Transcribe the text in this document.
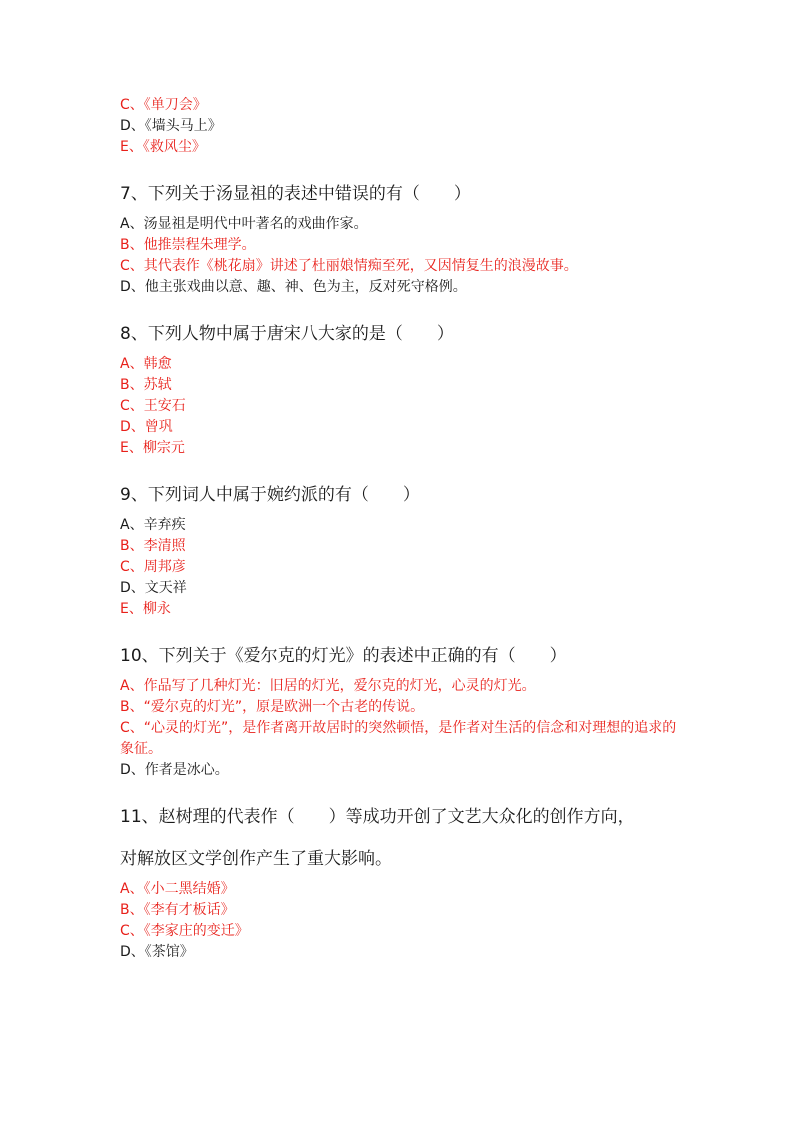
C、《单刀会》
D、《墙头马上》
E、《救风尘》
7、下列关于汤显祖的表述中错误的有（　　）
A、汤显祖是明代中叶著名的戏曲作家。
B、他推崇程朱理学。
C、其代表作《桃花扇》讲述了杜丽娘情痴至死，又因情复生的浪漫故事。
D、他主张戏曲以意、趣、神、色为主，反对死守格例。
8、下列人物中属于唐宋八大家的是（　　）
A、韩愈
B、苏轼
C、王安石
D、曾巩
E、柳宗元
9、下列词人中属于婉约派的有（　　）
A、辛弃疾
B、李清照
C、周邦彦
D、文天祥
E、柳永
10、下列关于《爱尔克的灯光》的表述中正确的有（　　）
A、作品写了几种灯光：旧居的灯光，爱尔克的灯光，心灵的灯光。
B、“爱尔克的灯光”，原是欧洲一个古老的传说。
C、“心灵的灯光”，是作者离开故居时的突然顿悟，是作者对生活的信念和对理想的追求的象征。
D、作者是冰心。
11、赵树理的代表作（　　）等成功开创了文艺大众化的创作方向，
对解放区文学创作产生了重大影响。
A、《小二黑结婚》
B、《李有才板话》
C、《李家庄的变迁》
D、《茶馆》
